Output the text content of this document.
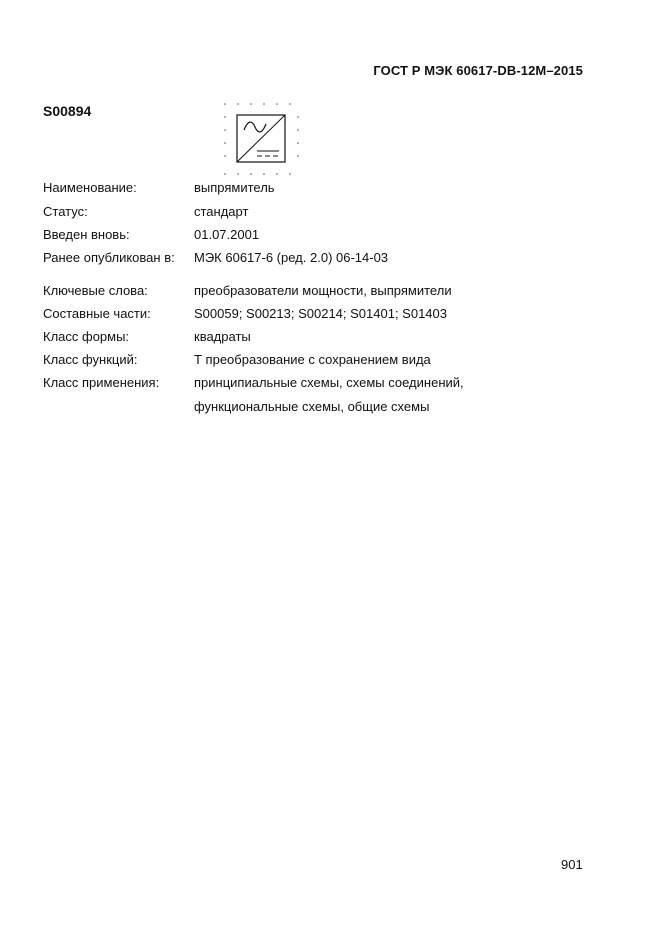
ГОСТ Р МЭК 60617-DB-12M–2015
S00894
Наименование:	выпрямитель
Статус:	стандарт
Введен вновь:	01.07.2001
Ранее опубликован в: МЭК 60617-6 (ред. 2.0) 06-14-03
Ключевые слова:	преобразователи мощности, выпрямители
Составные части:	S00059; S00213; S00214; S01401; S01403
Класс формы:	квадраты
Класс функций:	Т преобразование с сохранением вида
Класс применения:	принципиальные схемы, схемы соединений,
функциональные схемы, общие схемы
901
